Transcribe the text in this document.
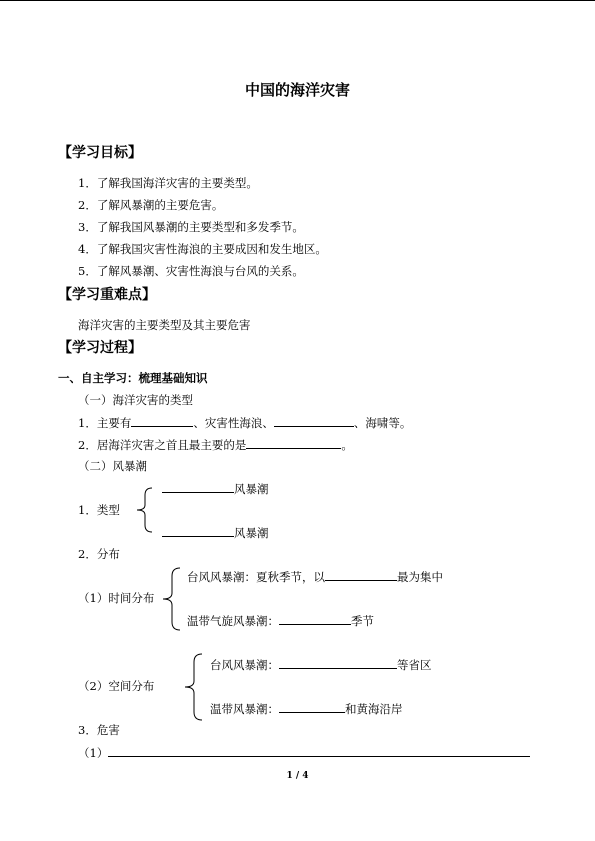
中国的海洋灾害
【学习目标】
1．了解我国海洋灾害的主要类型。
2．了解风暴潮的主要危害。
3．了解我国风暴潮的主要类型和多发季节。
4．了解我国灾害性海浪的主要成因和发生地区。
5．了解风暴潮、灾害性海浪与台风的关系。
【学习重难点】
海洋灾害的主要类型及其主要危害
【学习过程】
一、自主学习：梳理基础知识
（一）海洋灾害的类型
1．主要有	、灾害性海浪、	、海啸等。
2．居海洋灾害之首且最主要的是	。
（二）风暴潮
风暴潮
1．类型
风暴潮
2．分布
台风风暴潮：夏秋季节，以	最为集中
（1）时间分布
温带气旋风暴潮：	季节
台风风暴潮：	等省区
（2）空间分布
温带风暴潮：	和黄海沿岸
3．危害
（1）
1 / 4
